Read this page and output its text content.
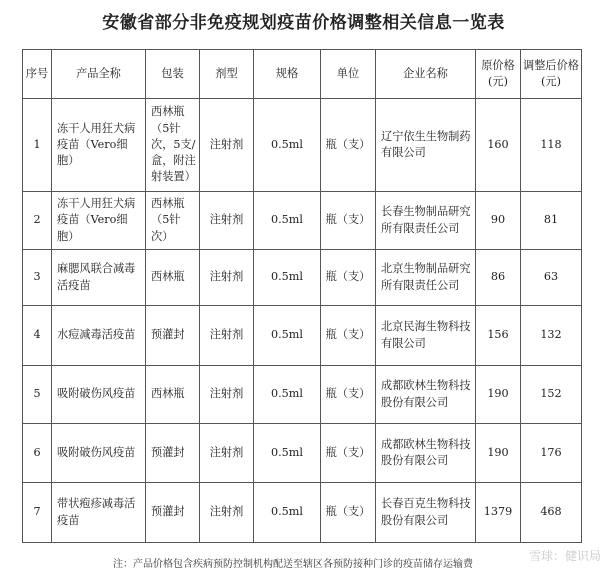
安徽省部分非免疫规划疫苗价格调整相关信息一览表
序号	产品全称	包装	剂型	规格	单位	企业名称	原价格(元)	调整后价格(元)
1	冻干人用狂犬病疫苗（Vero细胞）	西林瓶（5针次，5支/盒，附注射装置）	注射剂	0.5ml	瓶（支）	辽宁依生生物制药有限公司	160	118
2	冻干人用狂犬病疫苗（Vero细胞）	西林瓶（5针次）	注射剂	0.5ml	瓶（支）	长春生物制品研究所有限责任公司	90	81
3	麻腮风联合减毒活疫苗	西林瓶	注射剂	0.5ml	瓶（支）	北京生物制品研究所有限责任公司	86	63
4	水痘减毒活疫苗	预灌封	注射剂	0.5ml	瓶（支）	北京民海生物科技有限公司	156	132
5	吸附破伤风疫苗	西林瓶	注射剂	0.5ml	瓶（支）	成都欧林生物科技股份有限公司	190	152
6	吸附破伤风疫苗	预灌封	注射剂	0.5ml	瓶（支）	成都欧林生物科技股份有限公司	190	176
7	带状疱疹减毒活疫苗	预灌封	注射剂	0.5ml	瓶（支）	长春百克生物科技股份有限公司	1379	468
注：产品价格包含疾病预防控制机构配送至辖区各预防接种门诊的疫苗储存运输费
雪球：健识局
